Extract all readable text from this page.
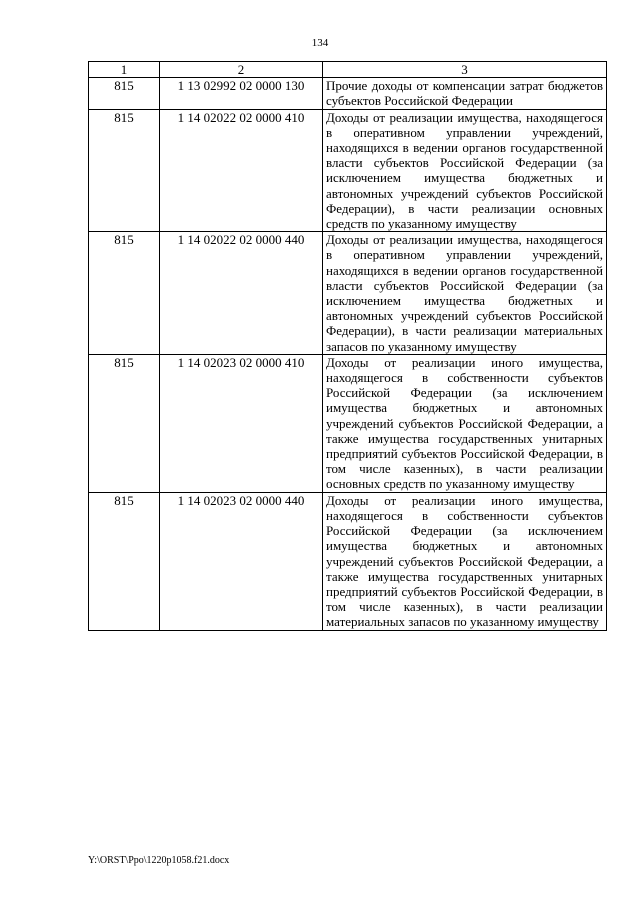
134
1	2	3
815	1 13 02992 02 0000 130	Прочие доходы от компенсации затрат бюджетов субъектов Российской Федерации
815	1 14 02022 02 0000 410	Доходы от реализации имущества, находящегося в оперативном управлении учреждений, находящихся в ведении органов государственной власти субъектов Российской Федерации (за исключением имущества бюджетных и автономных учреждений субъектов Российской Федерации), в части реализации основных средств по указанному имуществу
815	1 14 02022 02 0000 440	Доходы от реализации имущества, находящегося в оперативном управлении учреждений, находящихся в ведении органов государственной власти субъектов Российской Федерации (за исключением имущества бюджетных и автономных учреждений субъектов Российской Федерации), в части реализации материальных запасов по указанному имуществу
815	1 14 02023 02 0000 410	Доходы от реализации иного имущества, находящегося в собственности субъектов Российской Федерации (за исключением имущества бюджетных и автономных учреждений субъектов Российской Федерации, а также имущества государственных унитарных предприятий субъектов Российской Федерации, в том числе казенных), в части реализации основных средств по указанному имуществу
815	1 14 02023 02 0000 440	Доходы от реализации иного имущества, находящегося в собственности субъектов Российской Федерации (за исключением имущества бюджетных и автономных учреждений субъектов Российской Федерации, а также имущества государственных унитарных предприятий субъектов Российской Федерации, в том числе казенных), в части реализации материальных запасов по указанному имуществу
Y:\ORST\Ppo\1220p1058.f21.docx
